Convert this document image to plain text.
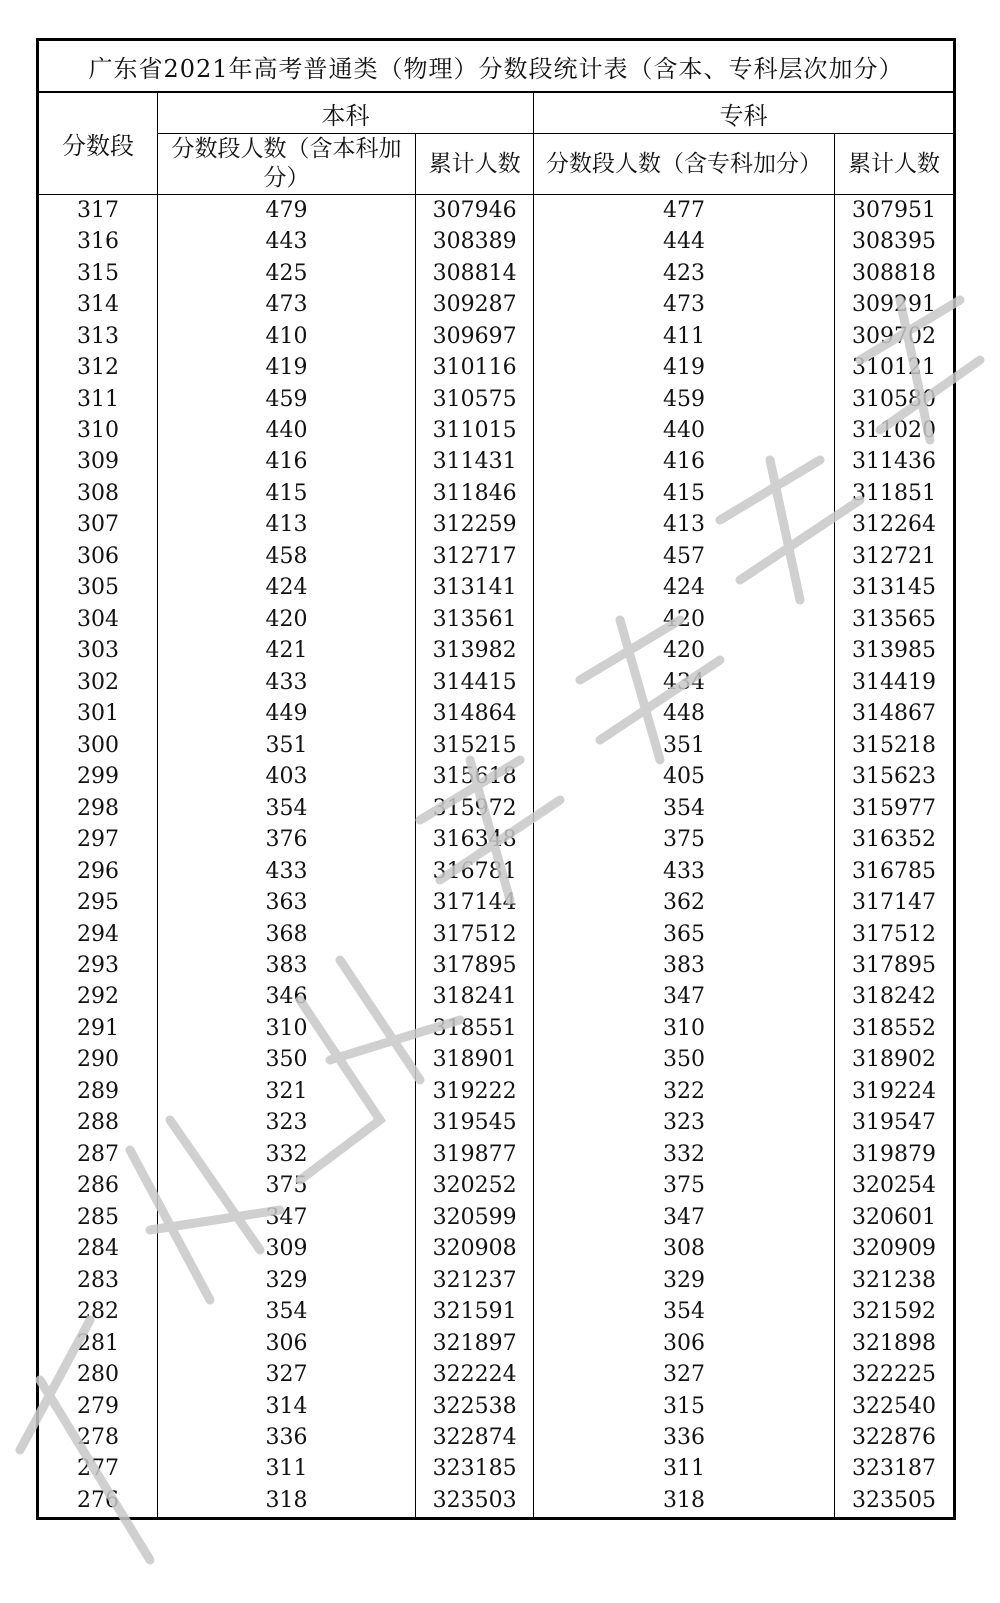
广东省2021年高考普通类（物理）分数段统计表（含本、专科层次加分）				
分数段	本科		专科	
	分数段人数（含本科加分）	累计人数	分数段人数（含专科加分）	累计人数
317	479	307946	477	307951
316	443	308389	444	308395
315	425	308814	423	308818
314	473	309287	473	309291
313	410	309697	411	309702
312	419	310116	419	310121
311	459	310575	459	310580
310	440	311015	440	311020
309	416	311431	416	311436
308	415	311846	415	311851
307	413	312259	413	312264
306	458	312717	457	312721
305	424	313141	424	313145
304	420	313561	420	313565
303	421	313982	420	313985
302	433	314415	434	314419
301	449	314864	448	314867
300	351	315215	351	315218
299	403	315618	405	315623
298	354	315972	354	315977
297	376	316348	375	316352
296	433	316781	433	316785
295	363	317144	362	317147
294	368	317512	365	317512
293	383	317895	383	317895
292	346	318241	347	318242
291	310	318551	310	318552
290	350	318901	350	318902
289	321	319222	322	319224
288	323	319545	323	319547
287	332	319877	332	319879
286	375	320252	375	320254
285	347	320599	347	320601
284	309	320908	308	320909
283	329	321237	329	321238
282	354	321591	354	321592
281	306	321897	306	321898
280	327	322224	327	322225
279	314	322538	315	322540
278	336	322874	336	322876
277	311	323185	311	323187
276	318	323503	318	323505
